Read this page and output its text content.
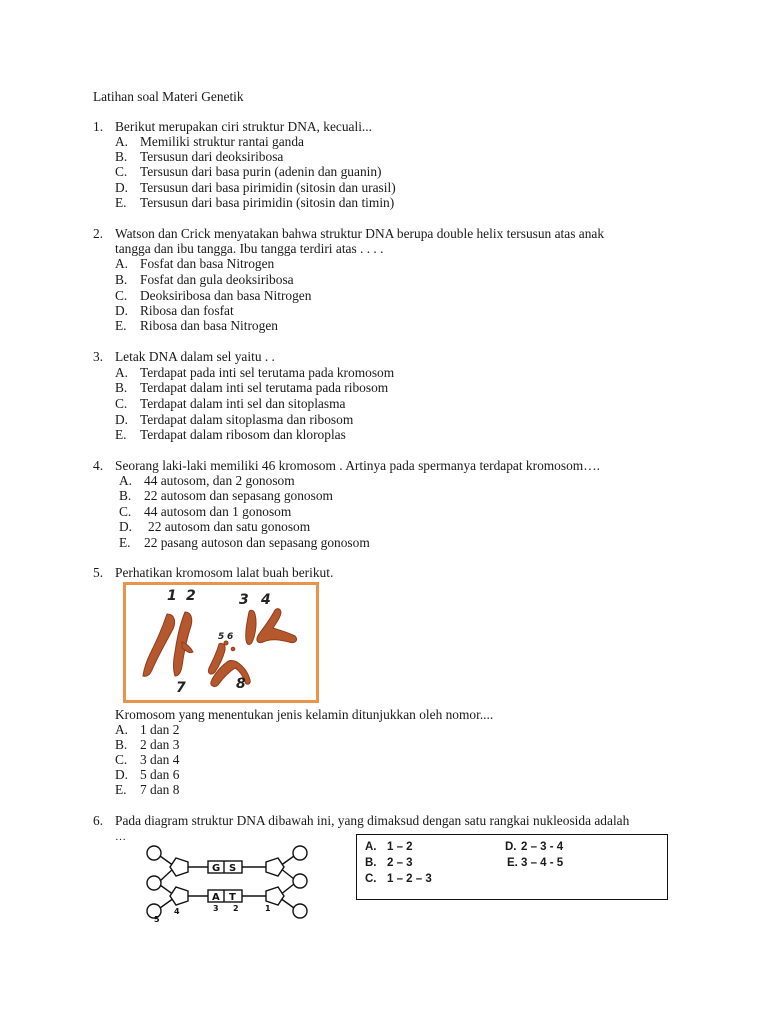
Latihan soal Materi Genetik
1. Berikut merupakan ciri struktur DNA, kecuali...
A. Memiliki struktur rantai ganda
B. Tersusun dari deoksiribosa
C. Tersusun dari basa purin (adenin dan guanin)
D. Tersusun dari basa pirimidin (sitosin dan urasil)
E. Tersusun dari basa pirimidin (sitosin dan timin)
2. Watson dan Crick menyatakan bahwa struktur DNA berupa double helix tersusun atas anak
tangga dan ibu tangga. Ibu tangga terdiri atas . . . .
A. Fosfat dan basa Nitrogen
B. Fosfat dan gula deoksiribosa
C. Deoksiribosa dan basa Nitrogen
D. Ribosa dan fosfat
E. Ribosa dan basa Nitrogen
3. Letak DNA dalam sel yaitu . .
A. Terdapat pada inti sel terutama pada kromosom
B. Terdapat dalam inti sel terutama pada ribosom
C. Terdapat dalam inti sel dan sitoplasma
D. Terdapat dalam sitoplasma dan ribosom
E. Terdapat dalam ribosom dan kloroplas
4. Seorang laki-laki memiliki 46 kromosom . Artinya pada spermanya terdapat kromosom….
A. 44 autosom, dan 2 gonosom
B. 22 autosom dan sepasang gonosom
C. 44 autosom dan 1 gonosom
D. 22 autosom dan satu gonosom
E. 22 pasang autoson dan sepasang gonosom
5. Perhatikan kromosom lalat buah berikut.
1 2	3 4
5 6
7	8
Kromosom yang menentukan jenis kelamin ditunjukkan oleh nomor....
A. 1 dan 2
B. 2 dan 3
C. 3 dan 4
D. 5 dan 6
E. 7 dan 8
6. Pada diagram struktur DNA dibawah ini, yang dimaksud dengan satu rangkai nukleosida adalah
…
G S
A T
5
4	3 2	1
A. 1 – 2	D. 2 – 3 - 4
B. 2 – 3	E. 3 – 4 - 5
C. 1 – 2 – 3
